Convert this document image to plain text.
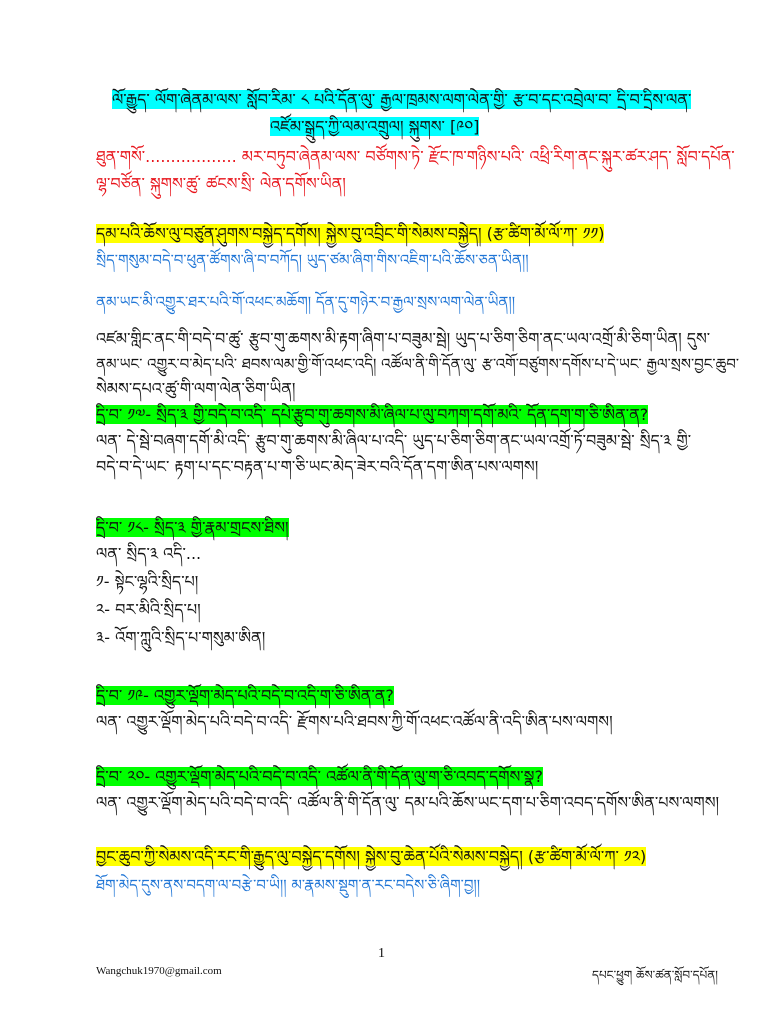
ལོ་རྒྱུད་ ལོག་ཞེནམ་ལས་ སློབ་རིམ་ ༨ པའི་དོན་ལུ་ རྒྱལ་ཁྲམས་ལག་ལེན་གྱི་ རྩ་བ་དང་འབྲེལ་བ་ དྲི་བ་དྲིས་ལན་
འཛོམ་སྒྲུད་ཀྱི་ལམ་འགྲུལ། སྐུགས་ [༩༠]
ཐུན་གསོ་.................. མར་བཏུབ་ཞེནམ་ལས་ བཙོགས་ཏེ་ རྫོང་ཁ་གཉིས་པའི་ འཕྲི་རིག་ནང་སྐུར་ཚར་ཤད་ སློབ་དཔོན་
ལྷ་བཙོན་ སྐུགས་ཚུ་ ཚངས་སྲི་ ལེན་དགོས་ཡིན།
དམ་པའི་ཆོས་ལུ་བཙུན་ཤུགས་བསྐྱེད་དགོས། སྐྱེས་བུ་འབྲིང་གི་སེམས་བསྐྱེད། (རྩ་ཚིག་མོ་ལོ་ཀ་ ༡༡)
སྲིད་གསུམ་བདེ་བ་ཕུན་ཚོགས་ཞི་བ་བཀོད། ཡུད་ཙམ་ཞིག་གིས་འཇིག་པའི་ཆོས་ཅན་ཡིན།།
ནམ་ཡང་མི་འགྱུར་ཐར་པའི་གོ་འཕང་མཆོག། དོན་དུ་གཉེར་བ་རྒྱལ་སྲས་ལག་ལེན་ཡིན།།
འཛམ་གླིང་ནང་གི་བདེ་བ་ཚུ་ རྩུབ་གུ་ཆགས་མི་རྟག་ཞིག་པ་བཟུམ་སྦེ། ཡུད་པ་ཅིག་ཅིག་ནང་ཡལ་འགྲོ་མི་ཅིག་ཡིན། དུས་
ནམ་ཡང་ འགྱུར་བ་མེད་པའི་ ཐབས་ལམ་གྱི་གོ་འཕང་འདི། འཚོལ་ནི་གི་དོན་ལུ་ རྩ་འགོ་བཙུགས་དགོས་པ་དེ་ཡང་ རྒྱལ་སྲས་བྱང་ཆུབ་
སེམས་དཔའ་ཚུ་གི་ལག་ལེན་ཅིག་ཡིན།
དྲི་བ་ ༡༧- སྲིད་༣ གྱི་བདེ་བ་འདི་ དཔེ་རྩུབ་གུ་ཆགས་མི་ཞིལ་པ་ལུ་བཀག་དགོ་མའི་ དོན་དག་ག་ཅི་ཨིན་ན?
ལན་ དེ་སྦེ་བཞག་དགོ་མི་འདི་ རྩུབ་གུ་ཆགས་མི་ཞིལ་པ་འདི་ ཡུད་པ་ཅིག་ཅིག་ནང་ཡལ་འགྲོ་ཏོ་བཟུམ་སྦེ་ སྲིད་༣ གྱི་
བདེ་བ་དེ་ཡང་ རྟག་པ་དང་བརྟན་པ་ག་ཅི་ཡང་མེད་ཟེར་བའི་དོན་དག་ཨིན་པས་ལགས།
དྲི་བ་ ༡༨- སྲིད་༣ གྱི་རྣམ་གྲངས་ཐིས།
ལན་ སྲིད་༣ འདི་...
༡- སྟེང་ལྷའི་སྲིད་པ།
༢- བར་མིའི་སྲིད་པ།
༣- འོག་ཀླུའི་སྲིད་པ་གསུམ་ཨིན།
དྲི་བ་ ༡༩- འགྱུར་ལྡོག་མེད་པའི་བདེ་བ་འདི་ག་ཅི་ཨིན་ན?
ལན་ འགྱུར་ལྡོག་མེད་པའི་བདེ་བ་འདི་ རྫོགས་པའི་ཐབས་ཀྱི་གོ་འཕང་འཚོལ་ནི་འདི་ཨིན་པས་ལགས།
དྲི་བ་ ༢༠- འགྱུར་ལྡོག་མེད་པའི་བདེ་བ་འདི་ འཚོལ་ནི་གི་དོན་ལུ་ག་ཅི་འབད་དགོས་སྣ?
ལན་ འགྱུར་ལྡོག་མེད་པའི་བདེ་བ་འདི་ འཚོལ་ནི་གི་དོན་ལུ་ དམ་པའི་ཆོས་ཡང་དག་པ་ཅིག་འབད་དགོས་ཨིན་པས་ལགས།
བྱང་ཆུབ་ཀྱི་སེམས་འདི་རང་གི་རྒྱུད་ལུ་བསྐྱེད་དགོས། སྐྱེས་བུ་ཆེན་པོའི་སེམས་བསྐྱེད། (རྩ་ཚིག་མོ་ལོ་ཀ་ ༡༢)
ཐོག་མེད་དུས་ནས་བདག་ལ་བརྩེ་བ་ཡི།། མ་རྣམས་སྡུག་ན་རང་བདེས་ཅི་ཞིག་བྱ།།
1
Wangchuk1970@gmail.com	དཔང་ཕྱུག ཆོས་ཚན་སློབ་དཔོན།
